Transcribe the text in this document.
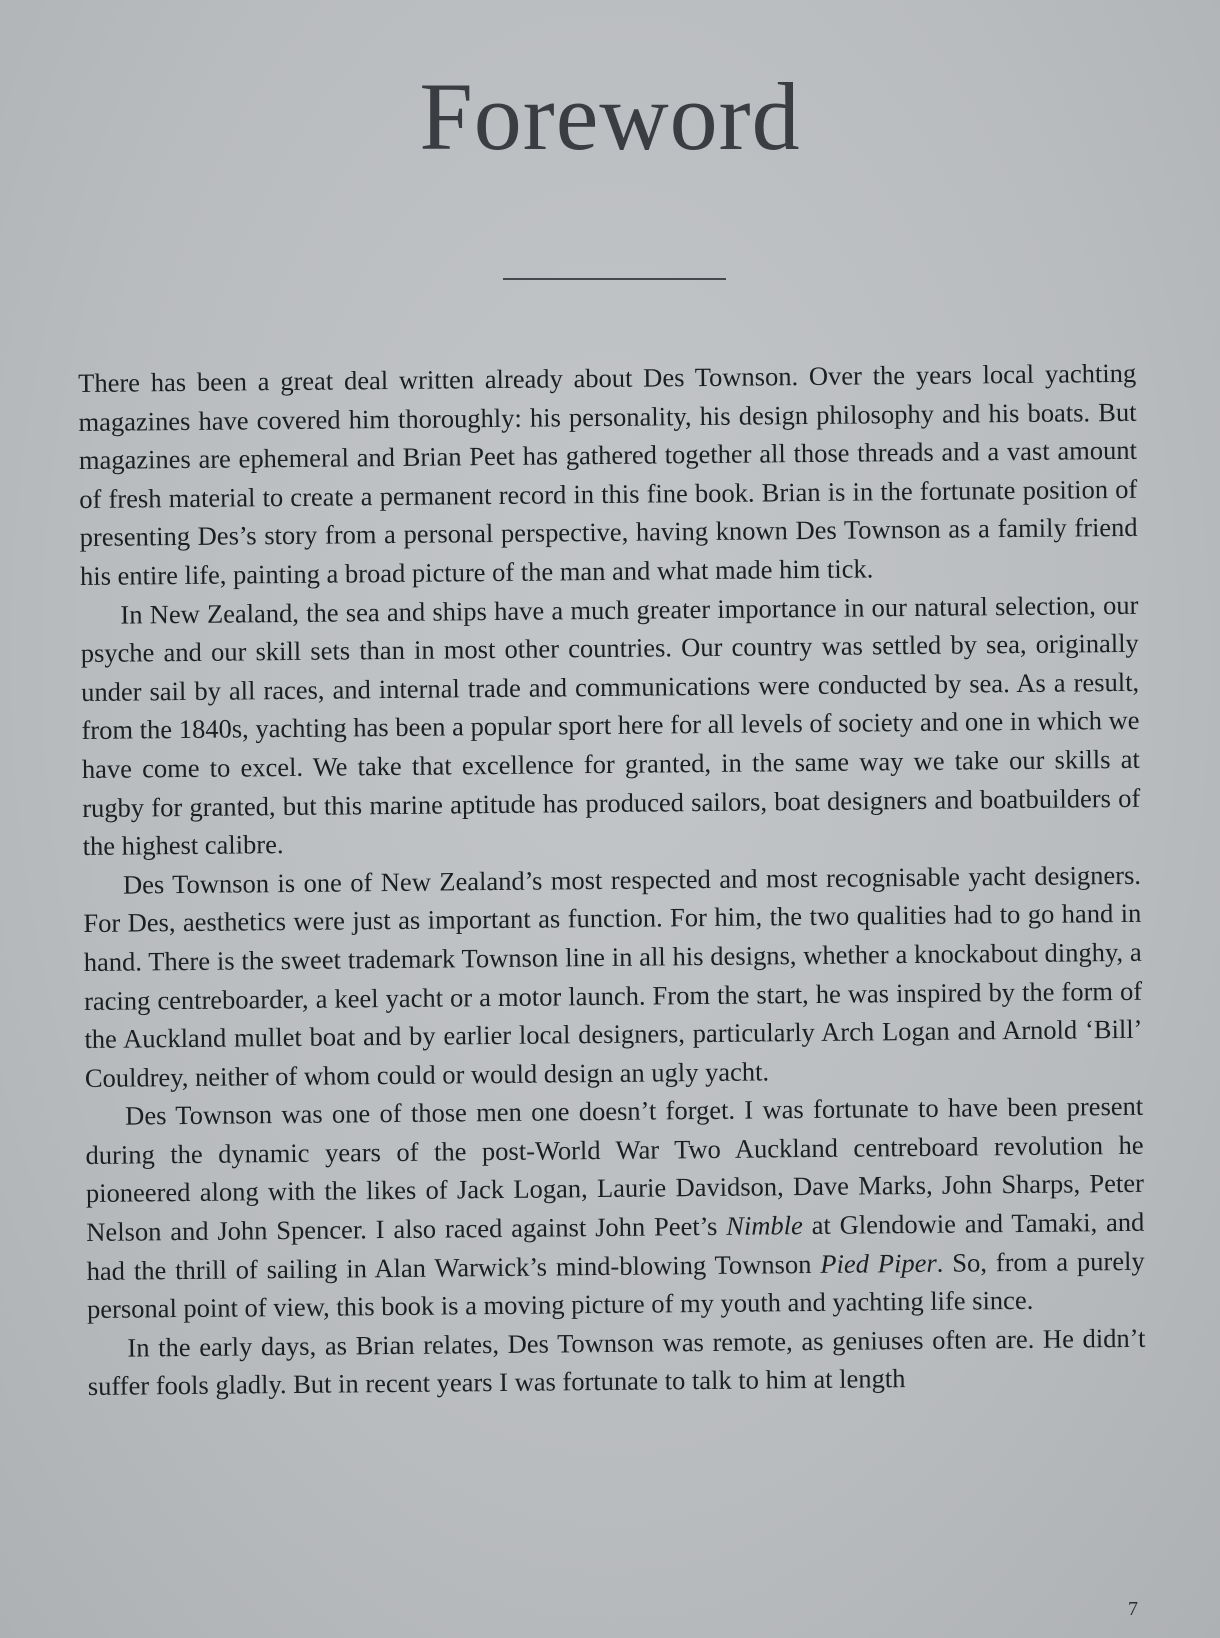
Foreword

There has been a great deal written already about Des Townson. Over the years local yachting magazines have covered him thoroughly: his personality, his design philosophy and his boats. But magazines are ephemeral and Brian Peet has gathered together all those threads and a vast amount of fresh material to create a permanent record in this fine book. Brian is in the fortunate position of presenting Des’s story from a personal perspective, having known Des Townson as a family friend his entire life, painting a broad picture of the man and what made him tick.

In New Zealand, the sea and ships have a much greater importance in our natural selection, our psyche and our skill sets than in most other countries. Our country was settled by sea, originally under sail by all races, and internal trade and communications were conducted by sea. As a result, from the 1840s, yachting has been a popular sport here for all levels of society and one in which we have come to excel. We take that excellence for granted, in the same way we take our skills at rugby for granted, but this marine aptitude has produced sailors, boat designers and boatbuilders of the highest calibre.

Des Townson is one of New Zealand’s most respected and most recognisable yacht designers. For Des, aesthetics were just as important as function. For him, the two qualities had to go hand in hand. There is the sweet trademark Townson line in all his designs, whether a knockabout dinghy, a racing centreboarder, a keel yacht or a motor launch. From the start, he was inspired by the form of the Auckland mullet boat and by earlier local designers, particularly Arch Logan and Arnold ‘Bill’ Couldrey, neither of whom could or would design an ugly yacht.

Des Townson was one of those men one doesn’t forget. I was fortunate to have been present during the dynamic years of the post-World War Two Auckland centreboard revolution he pioneered along with the likes of Jack Logan, Laurie Davidson, Dave Marks, John Sharps, Peter Nelson and John Spencer. I also raced against John Peet’s Nimble at Glendowie and Tamaki, and had the thrill of sailing in Alan Warwick’s mind-blowing Townson Pied Piper. So, from a purely personal point of view, this book is a moving picture of my youth and yachting life since.

In the early days, as Brian relates, Des Townson was remote, as geniuses often are. He didn’t suffer fools gladly. But in recent years I was fortunate to talk to him at length

7
